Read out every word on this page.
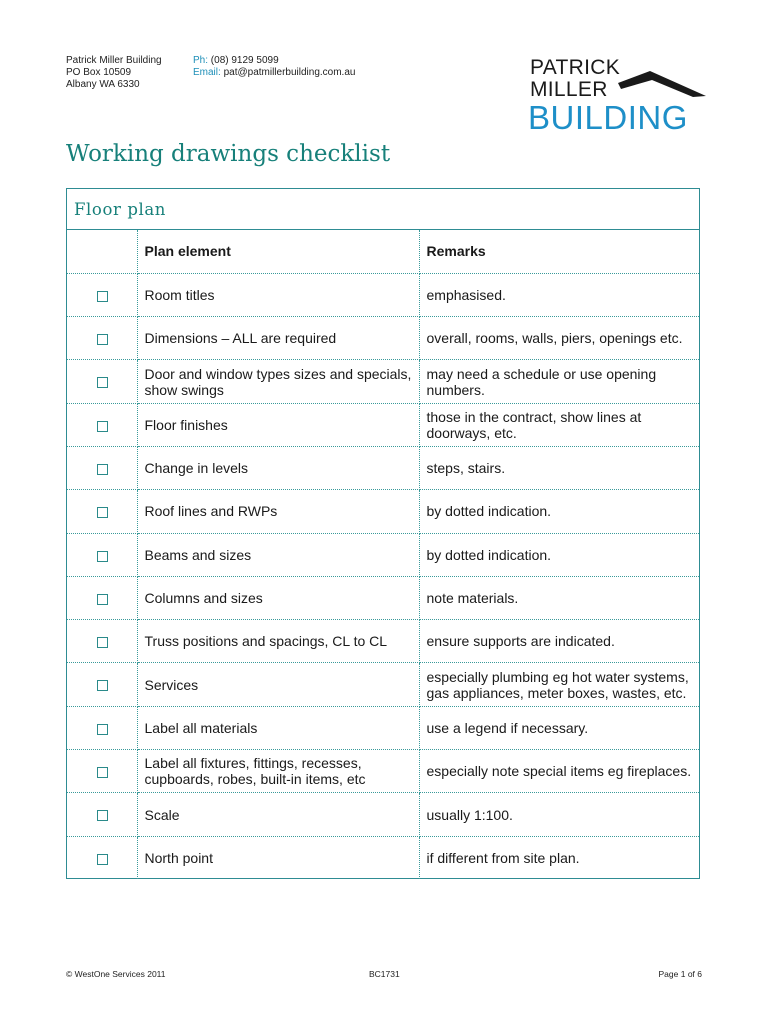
Patrick Miller Building
PO Box 10509
Albany WA 6330
Ph: (08) 9129 5099
Email: pat@patmillerbuilding.com.au	PATRICK
MILLER
BUILDING
Working drawings checklist
Floor plan
	Plan element	Remarks
	Room titles	emphasised.
	Dimensions – ALL are required	overall, rooms, walls, piers, openings etc.
	Door and window types sizes and specials, show swings	may need a schedule or use opening numbers.
	Floor finishes	those in the contract, show lines at doorways, etc.
	Change in levels	steps, stairs.
	Roof lines and RWPs	by dotted indication.
	Beams and sizes	by dotted indication.
	Columns and sizes	note materials.
	Truss positions and spacings, CL to CL	ensure supports are indicated.
	Services	especially plumbing eg hot water systems, gas appliances, meter boxes, wastes, etc.
	Label all materials	use a legend if necessary.
	Label all fixtures, fittings, recesses, cupboards, robes, built-in items, etc	especially note special items eg fireplaces.
	Scale	usually 1:100.
	North point	if different from site plan.
© WestOne Services 2011	BC1731	Page 1 of 6
